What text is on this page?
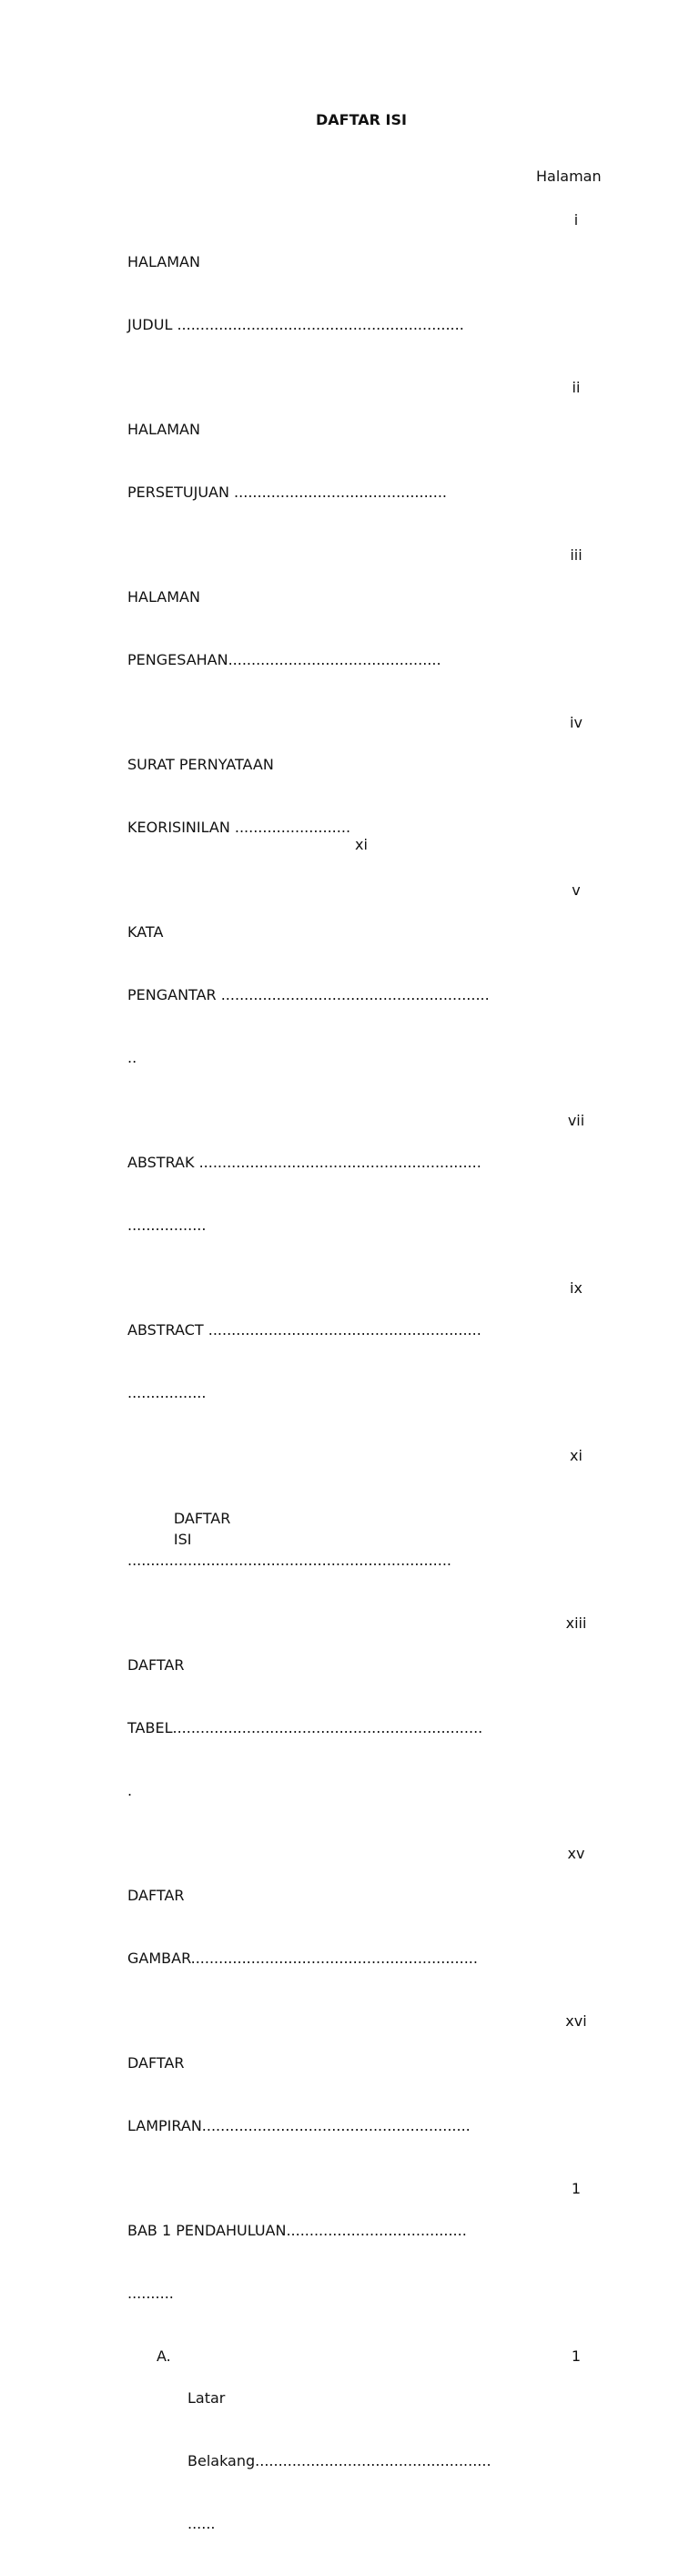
DAFTAR ISI
Halaman

HALAMAN

JUDUL ..............................................................

i

HALAMAN

PERSETUJUAN ..............................................

ii

HALAMAN

PENGESAHAN..............................................

iii

SURAT PERNYATAAN

KEORISINILAN .........................

iv

KATA

PENGANTAR ..........................................................

..

v

ABSTRAK .............................................................

.................

vii

ABSTRACT ...........................................................

.................

ix

DAFTAR
ISI

......................................................................

xi

DAFTAR

TABEL...................................................................

.

xiii

DAFTAR

GAMBAR..............................................................

xv

DAFTAR

LAMPIRAN..........................................................

xvi

BAB 1 PENDAHULUAN.......................................

..........

1
A.

Latar

Belakang...................................................

......

1
xi
